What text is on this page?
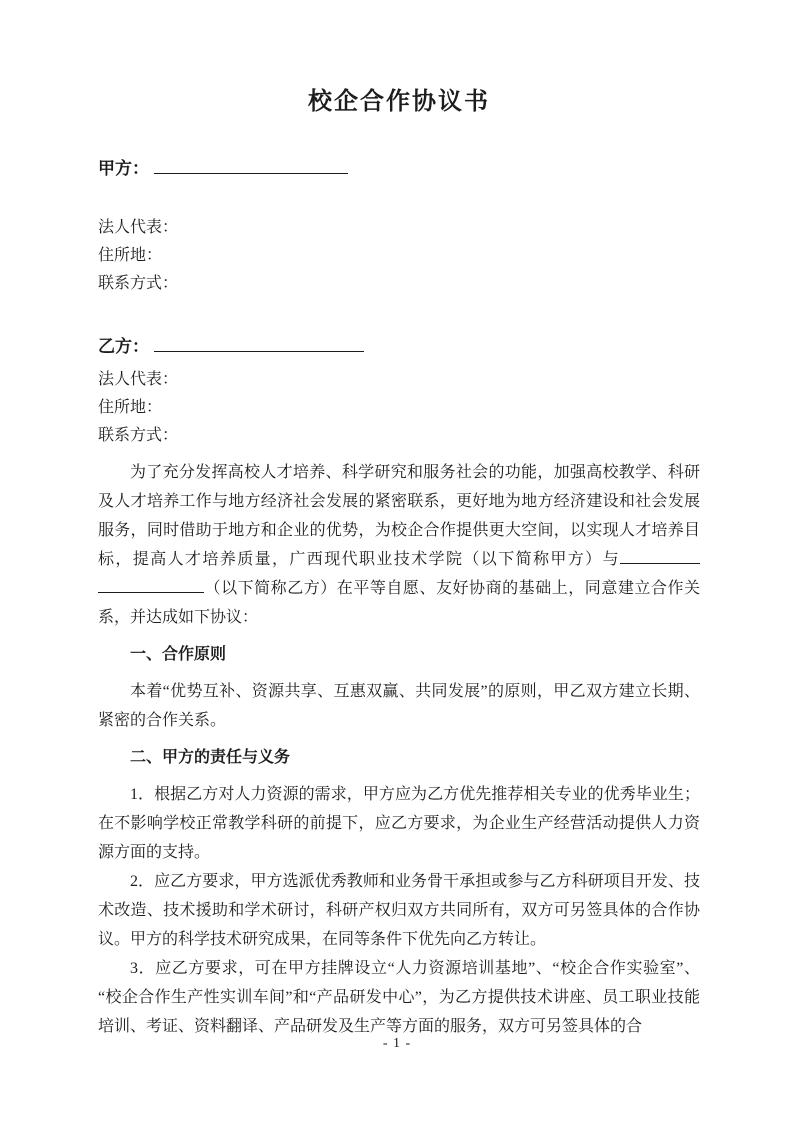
校企合作协议书
甲方：
法人代表：
住所地：
联系方式：
乙方：
法人代表：
住所地：
联系方式：

为了充分发挥高校人才培养、科学研究和服务社会的功能，加强高校教学、科研及人才培养工作与地方经济社会发展的紧密联系，更好地为地方经济建设和社会发展服务，同时借助于地方和企业的优势，为校企合作提供更大空间，以实现人才培养目标，提高人才培养质量，广西现代职业技术学院（以下简称甲方）与（以下简称乙方）在平等自愿、友好协商的基础上，同意建立合作关系，并达成如下协议：

一、合作原则

本着“优势互补、资源共享、互惠双赢、共同发展”的原则，甲乙双方建立长期、紧密的合作关系。

二、甲方的责任与义务

1．根据乙方对人力资源的需求，甲方应为乙方优先推荐相关专业的优秀毕业生；在不影响学校正常教学科研的前提下，应乙方要求，为企业生产经营活动提供人力资源方面的支持。

2．应乙方要求，甲方选派优秀教师和业务骨干承担或参与乙方科研项目开发、技术改造、技术援助和学术研讨，科研产权归双方共同所有，双方可另签具体的合作协议。甲方的科学技术研究成果，在同等条件下优先向乙方转让。

3．应乙方要求，可在甲方挂牌设立“人力资源培训基地”、“校企合作实验室”、“校企合作生产性实训车间”和“产品研发中心”，为乙方提供技术讲座、员工职业技能培训、考证、资料翻译、产品研发及生产等方面的服务，双方可另签具体的合

- 1 -
